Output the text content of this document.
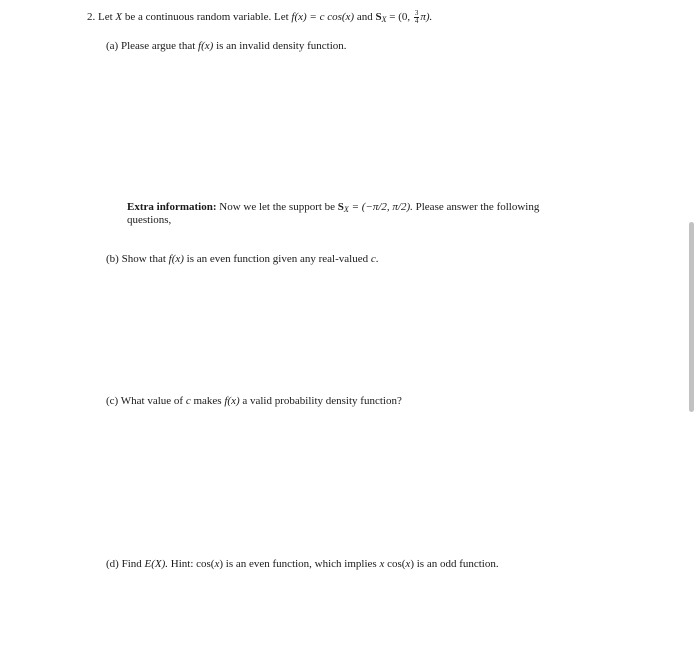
2. Let X be a continuous random variable. Let f(x) = c cos(x) and $S_X = (0$, $\frac{3}{4} \pi$).
(a) Please argue that f(x) is an invalid density function.
Extra information: Now we let the support be $S_X = (-\pi/2$, π/2). Please answer the following
questions,
(b) Show that f(x) is an even function given any real-valued c.
(c) What value of c makes f(x) a valid probability density function?
(d) Find E(X). Hint: cos(x) is an even function, which implies x cos(x) is an odd function.
